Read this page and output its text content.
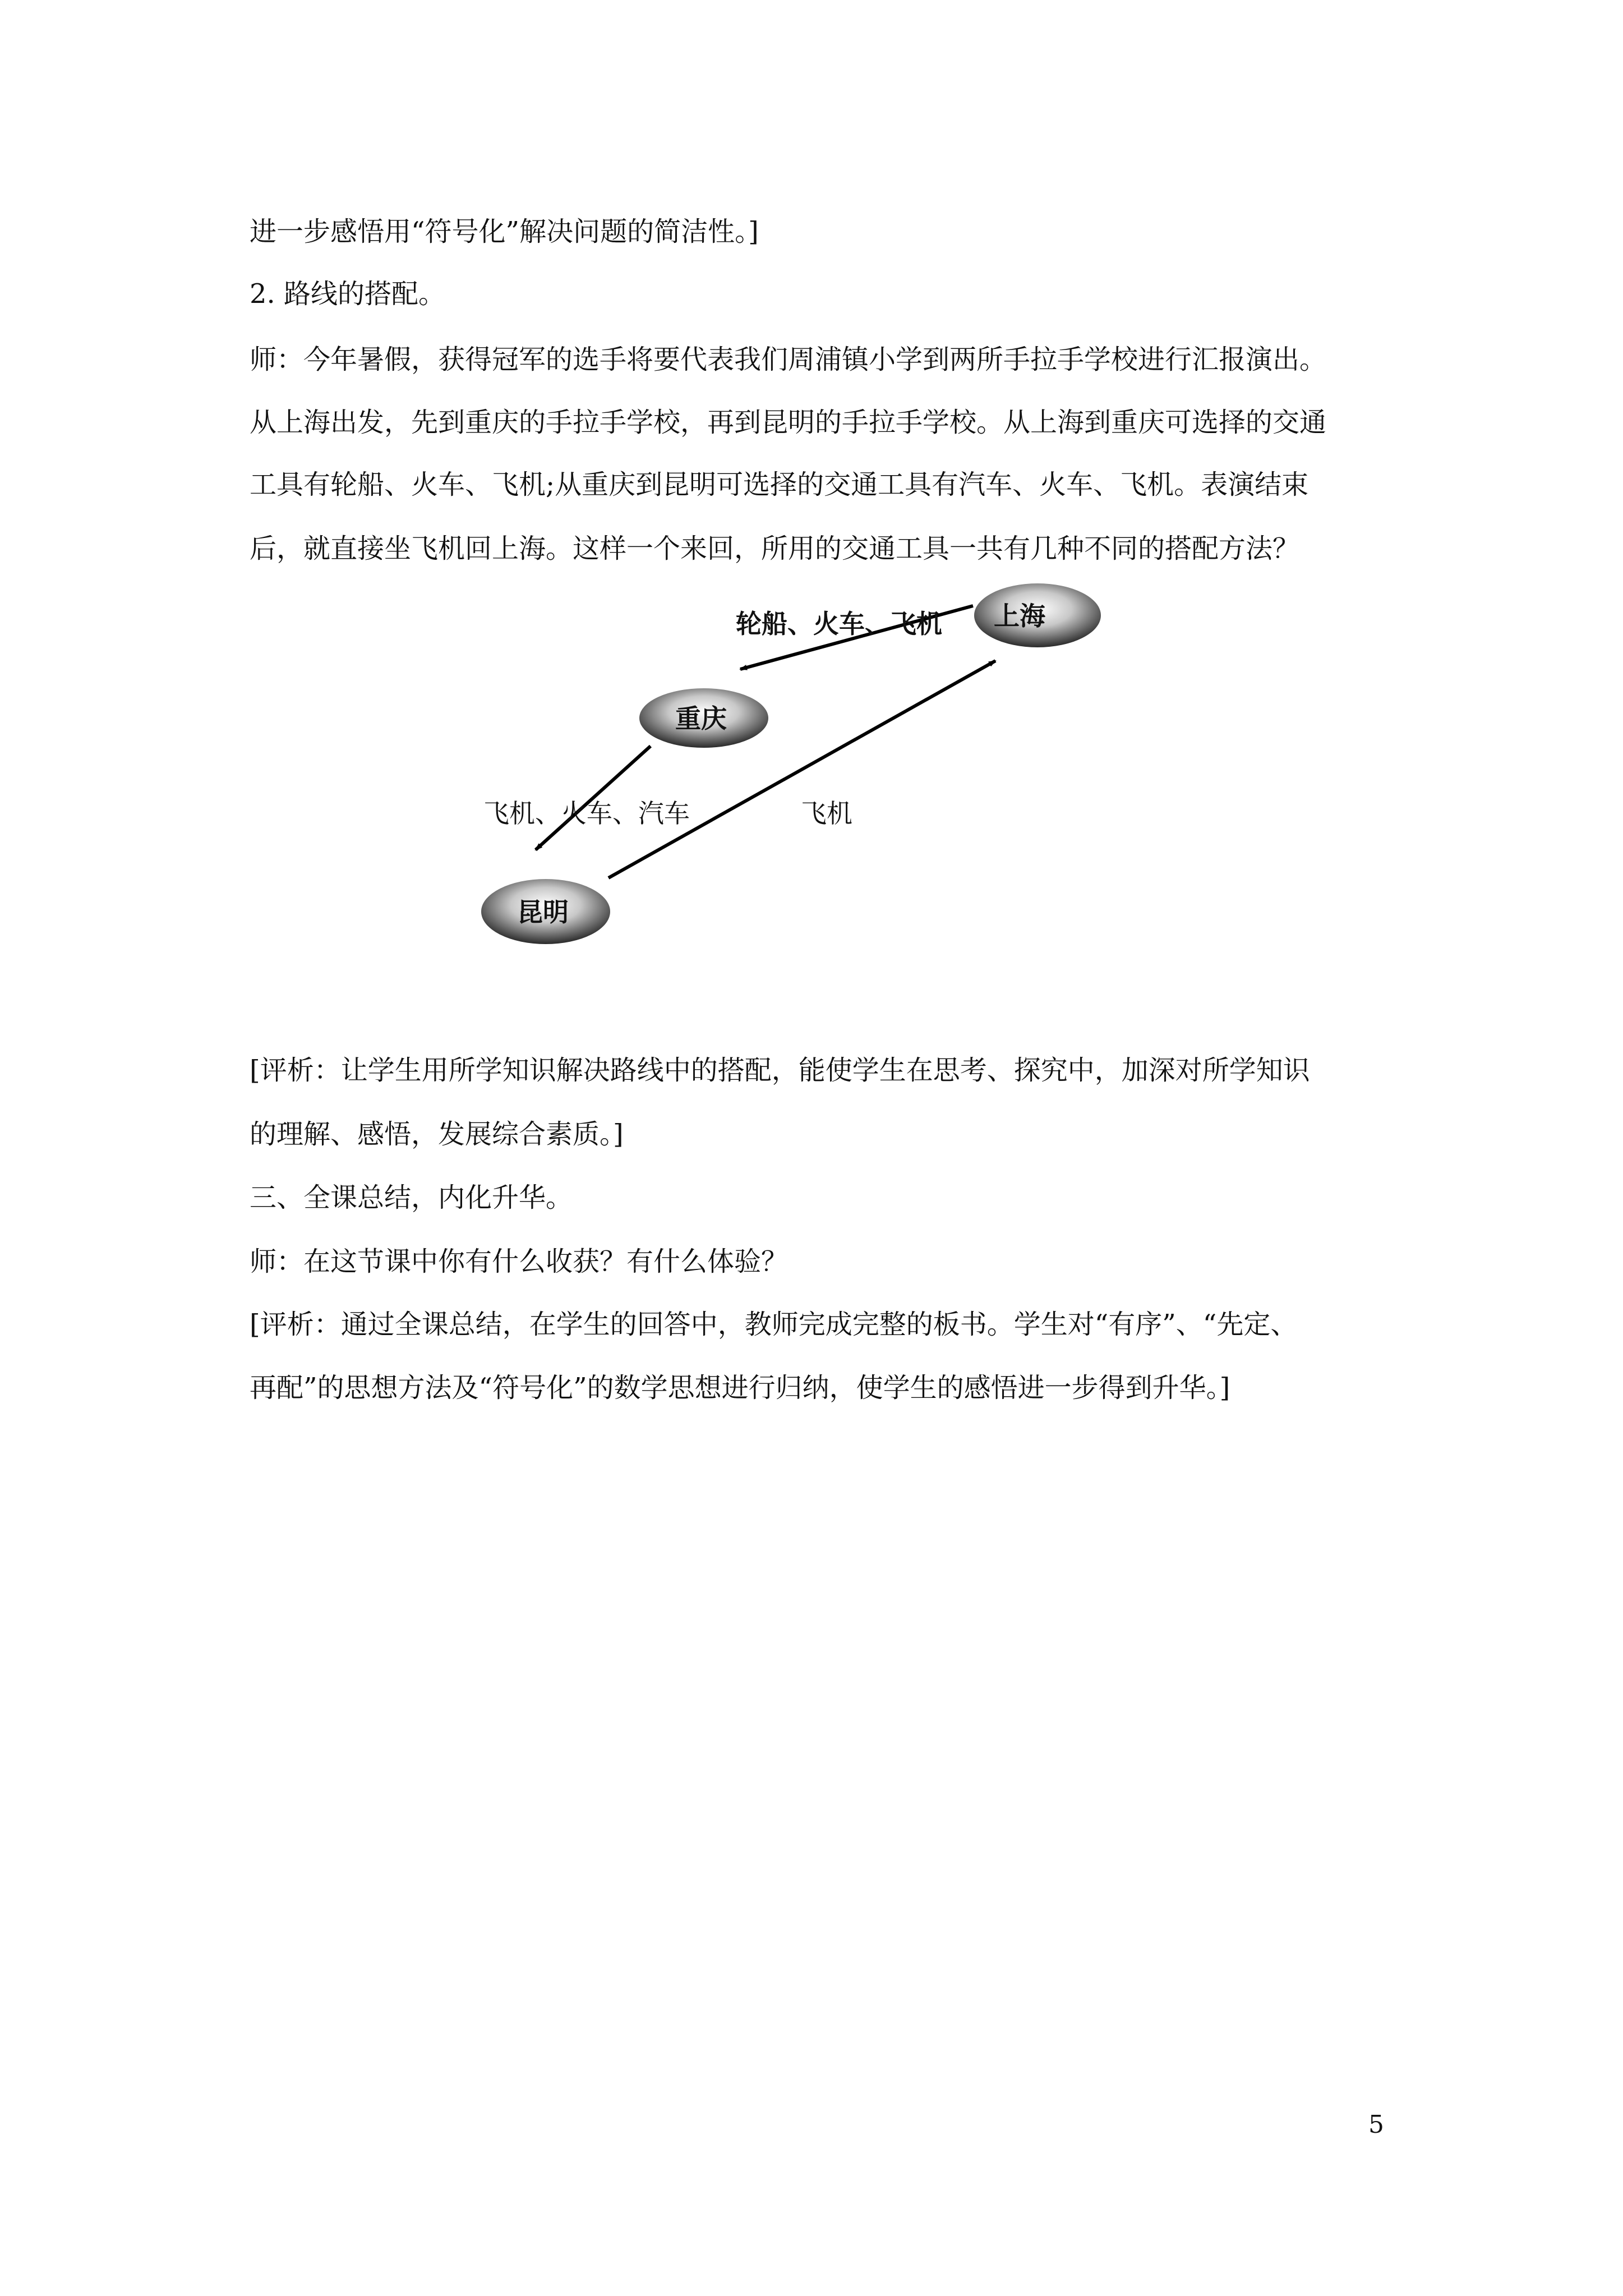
进一步感悟用“符号化”解决问题的简洁性。]

2. 路线的搭配。

师：今年暑假，获得冠军的选手将要代表我们周浦镇小学到两所手拉手学校进行汇报演出。

从上海出发，先到重庆的手拉手学校，再到昆明的手拉手学校。从上海到重庆可选择的交通

工具有轮船、火车、飞机;从重庆到昆明可选择的交通工具有汽车、火车、飞机。表演结束

后，就直接坐飞机回上海。这样一个来回，所用的交通工具一共有几种不同的搭配方法？

上海
重庆
昆明
轮船、火车、飞机
飞机、火车、汽车	飞机

[评析：让学生用所学知识解决路线中的搭配，能使学生在思考、探究中，加深对所学知识

的理解、感悟，发展综合素质。]

三、全课总结，内化升华。

师：在这节课中你有什么收获？有什么体验？

[评析：通过全课总结，在学生的回答中，教师完成完整的板书。学生对“有序”、“先定、

再配”的思想方法及“符号化”的数学思想进行归纳，使学生的感悟进一步得到升华。]

5
